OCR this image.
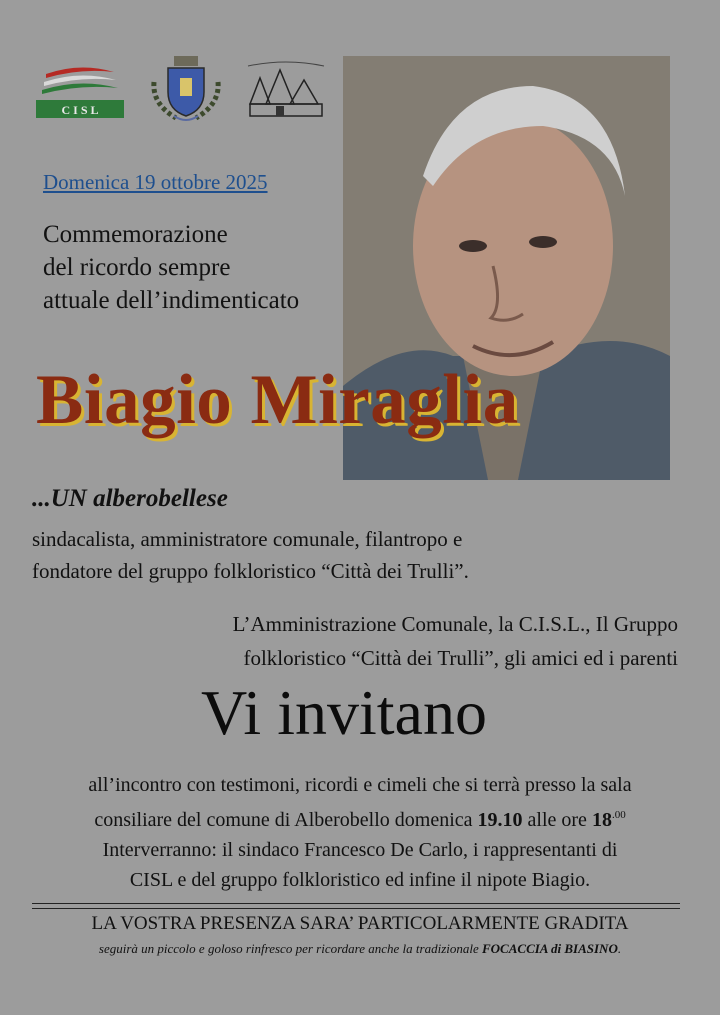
C I S L
Domenica 19 ottobre 2025
Commemorazione
del ricordo sempre
attuale dell’indimenticato
Biagio Miraglia
...UN alberobellese
sindacalista, amministratore comunale, filantropo e
fondatore del gruppo folkloristico “Città dei Trulli”.
L’Amministrazione Comunale, la C.I.S.L., Il Gruppo
folkloristico “Città dei Trulli”, gli amici ed i parenti
Vi invitano
all’incontro con testimoni, ricordi e cimeli che si terrà presso la sala
consiliare del comune di Alberobello domenica 19.10 alle ore $18^{.00}$
Interverranno: il sindaco Francesco De Carlo, i rappresentanti di
CISL e del gruppo folkloristico ed infine il nipote Biagio.
LA VOSTRA PRESENZA SARA’ PARTICOLARMENTE GRADITA
seguirà un piccolo e goloso rinfresco per ricordare anche la tradizionale FOCACCIA di BIASINO.
